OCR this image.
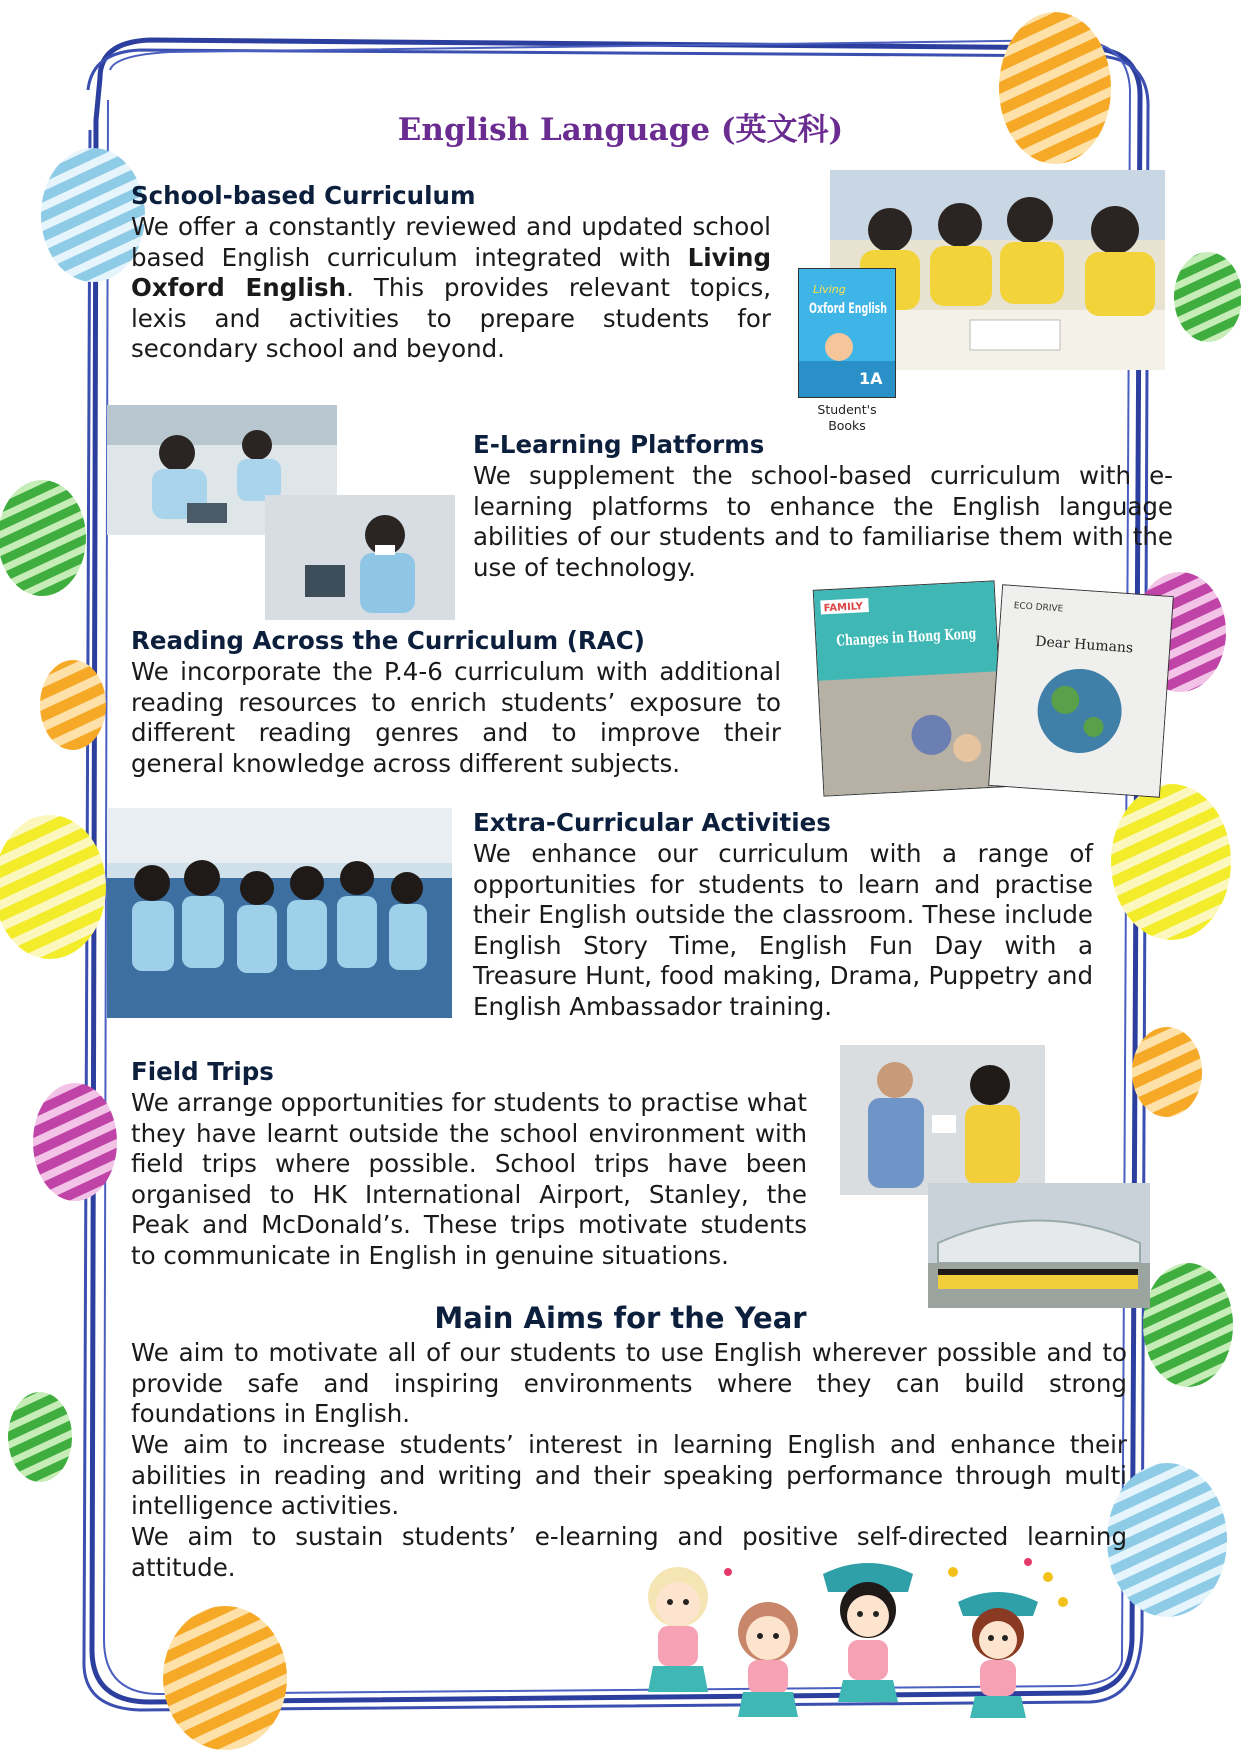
English Language (英文科)
School-based Curriculum

We offer a constantly reviewed and updated school based English curriculum integrated with Living Oxford English. This provides relevant topics, lexis and activities to prepare students for secondary school and beyond.

Living
Oxford English
1A
Student's
Books
E-Learning Platforms

We supplement the school-based curriculum with e-learning platforms to enhance the English language abilities of our students and to familiarise them with the use of technology.

Reading Across the Curriculum (RAC)

We incorporate the P.4-6 curriculum with additional reading resources to enrich students’ exposure to different reading genres and to improve their general knowledge across different subjects.

FAMILY
Changes in Hong Kong
ECO DRIVE
Dear Humans
Extra-Curricular Activities

We enhance our curriculum with a range of opportunities for students to learn and practise their English outside the classroom. These include English Story Time, English Fun Day with a Treasure Hunt, food making, Drama, Puppetry and English Ambassador training.

Field Trips

We arrange opportunities for students to practise what they have learnt outside the school environment with field trips where possible. School trips have been organised to HK International Airport, Stanley, the Peak and McDonald’s. These trips motivate students to communicate in English in genuine situations.

Main Aims for the Year

We aim to motivate all of our students to use English wherever possible and to provide safe and inspiring environments where they can build strong foundations in English.

We aim to increase students’ interest in learning English and enhance their abilities in reading and writing and their speaking performance through multi intelligence activities.

We aim to sustain students’ e-learning and positive self-directed learning attitude.
